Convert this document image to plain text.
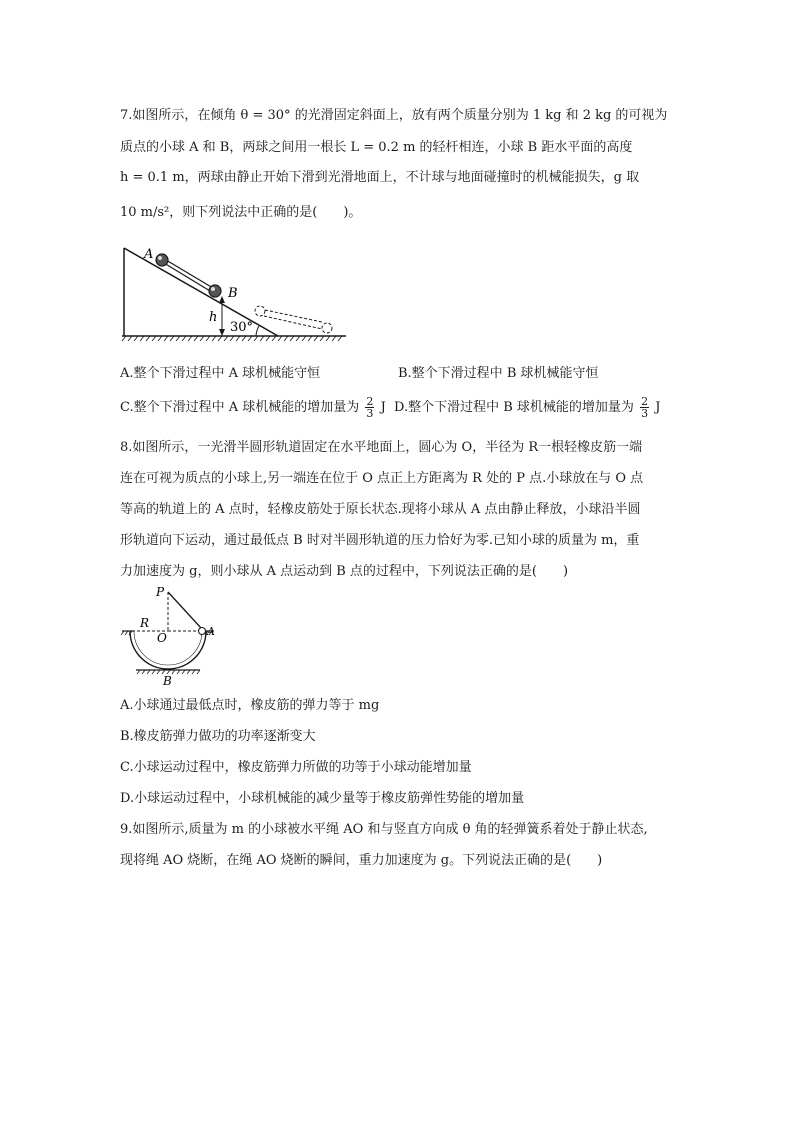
7.如图所示，在倾角 θ = 30° 的光滑固定斜面上，放有两个质量分别为 1 kg 和 2 kg 的可视为
质点的小球 A 和 B，两球之间用一根长 L = 0.2 m 的轻杆相连，小球 B 距水平面的高度
h = 0.1 m，两球由静止开始下滑到光滑地面上，不计球与地面碰撞时的机械能损失，g 取
10 m/s²，则下列说法中正确的是(　　)。
A
B
h
30°
A.整个下滑过程中 A 球机械能守恒	B.整个下滑过程中 B 球机械能守恒
C.整个下滑过程中 A 球机械能的增加量为 $\frac{2}{3}$ J D.整个下滑过程中 B 球机械能的增加量为 $\frac{2}{3}$ J
8.如图所示，一光滑半圆形轨道固定在水平地面上，圆心为 O，半径为 R一根轻橡皮筋一端
连在可视为质点的小球上,另一端连在位于 O 点正上方距离为 R 处的 P 点.小球放在与 O 点
等高的轨道上的 A 点时，轻橡皮筋处于原长状态.现将小球从 A 点由静止释放，小球沿半圆
形轨道向下运动，通过最低点 B 时对半圆形轨道的压力恰好为零.已知小球的质量为 m，重
力加速度为 g，则小球从 A 点运动到 B 点的过程中，下列说法正确的是(　　)
P
R
O	A
B
A.小球通过最低点时，橡皮筋的弹力等于 mg
B.橡皮筋弹力做功的功率逐渐变大
C.小球运动过程中，橡皮筋弹力所做的功等于小球动能增加量
D.小球运动过程中，小球机械能的减少量等于橡皮筋弹性势能的增加量
9.如图所示,质量为 m 的小球被水平绳 AO 和与竖直方向成 θ 角的轻弹簧系着处于静止状态,
现将绳 AO 烧断，在绳 AO 烧断的瞬间，重力加速度为 g。下列说法正确的是(　　)
